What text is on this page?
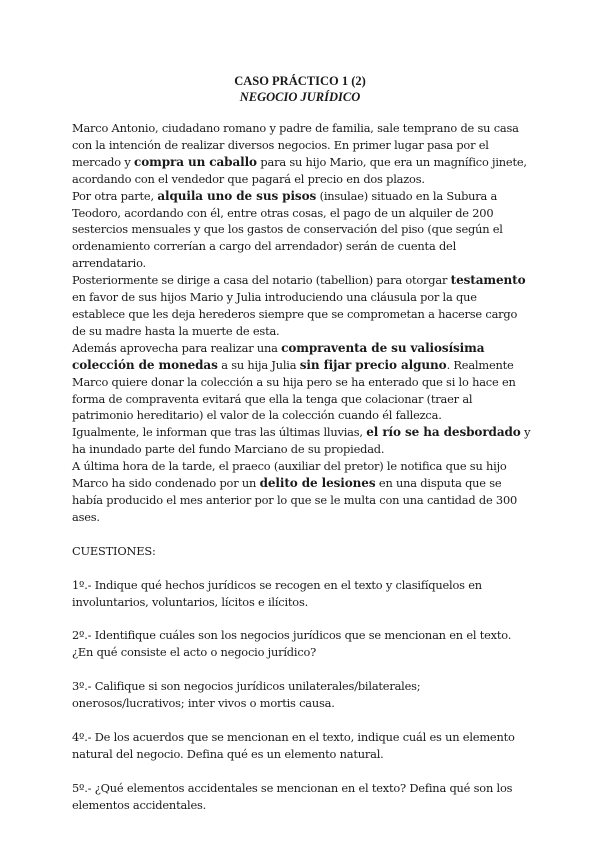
CASO PRÁCTICO 1 (2)
NEGOCIO JURÍDICO

Marco Antonio, ciudadano romano y padre de familia, sale temprano de su casa con la intención de realizar diversos negocios. En primer lugar pasa por el mercado y compra un caballo para su hijo Mario, que era un magnífico jinete, acordando con el vendedor que pagará el precio en dos plazos.

Por otra parte, alquila uno de sus pisos (insulae) situado en la Subura a Teodoro, acordando con él, entre otras cosas, el pago de un alquiler de 200 sestercios mensuales y que los gastos de conservación del piso (que según el ordenamiento correrían a cargo del arrendador) serán de cuenta del arrendatario.

Posteriormente se dirige a casa del notario (tabellion) para otorgar testamento en favor de sus hijos Mario y Julia introduciendo una cláusula por la que establece que les deja herederos siempre que se comprometan a hacerse cargo de su madre hasta la muerte de esta.

Además aprovecha para realizar una compraventa de su valiosísima colección de monedas a su hija Julia sin fijar precio alguno. Realmente Marco quiere donar la colección a su hija pero se ha enterado que si lo hace en forma de compraventa evitará que ella la tenga que colacionar (traer al patrimonio hereditario) el valor de la colección cuando él fallezca.

Igualmente, le informan que tras las últimas lluvias, el río se ha desbordado y ha inundado parte del fundo Marciano de su propiedad.

A última hora de la tarde, el praeco (auxiliar del pretor) le notifica que su hijo Marco ha sido condenado por un delito de lesiones en una disputa que se había producido el mes anterior por lo que se le multa con una cantidad de 300 ases.

CUESTIONES:

1º.- Indique qué hechos jurídicos se recogen en el texto y clasifíquelos en involuntarios, voluntarios, lícitos e ilícitos.

2º.- Identifique cuáles son los negocios jurídicos que se mencionan en el texto. ¿En qué consiste el acto o negocio jurídico?

3º.- Califique si son negocios jurídicos unilaterales/bilaterales; onerosos/lucrativos; inter vivos o mortis causa.

4º.- De los acuerdos que se mencionan en el texto, indique cuál es un elemento natural del negocio. Defina qué es un elemento natural.

5º.- ¿Qué elementos accidentales se mencionan en el texto? Defina qué son los elementos accidentales.
